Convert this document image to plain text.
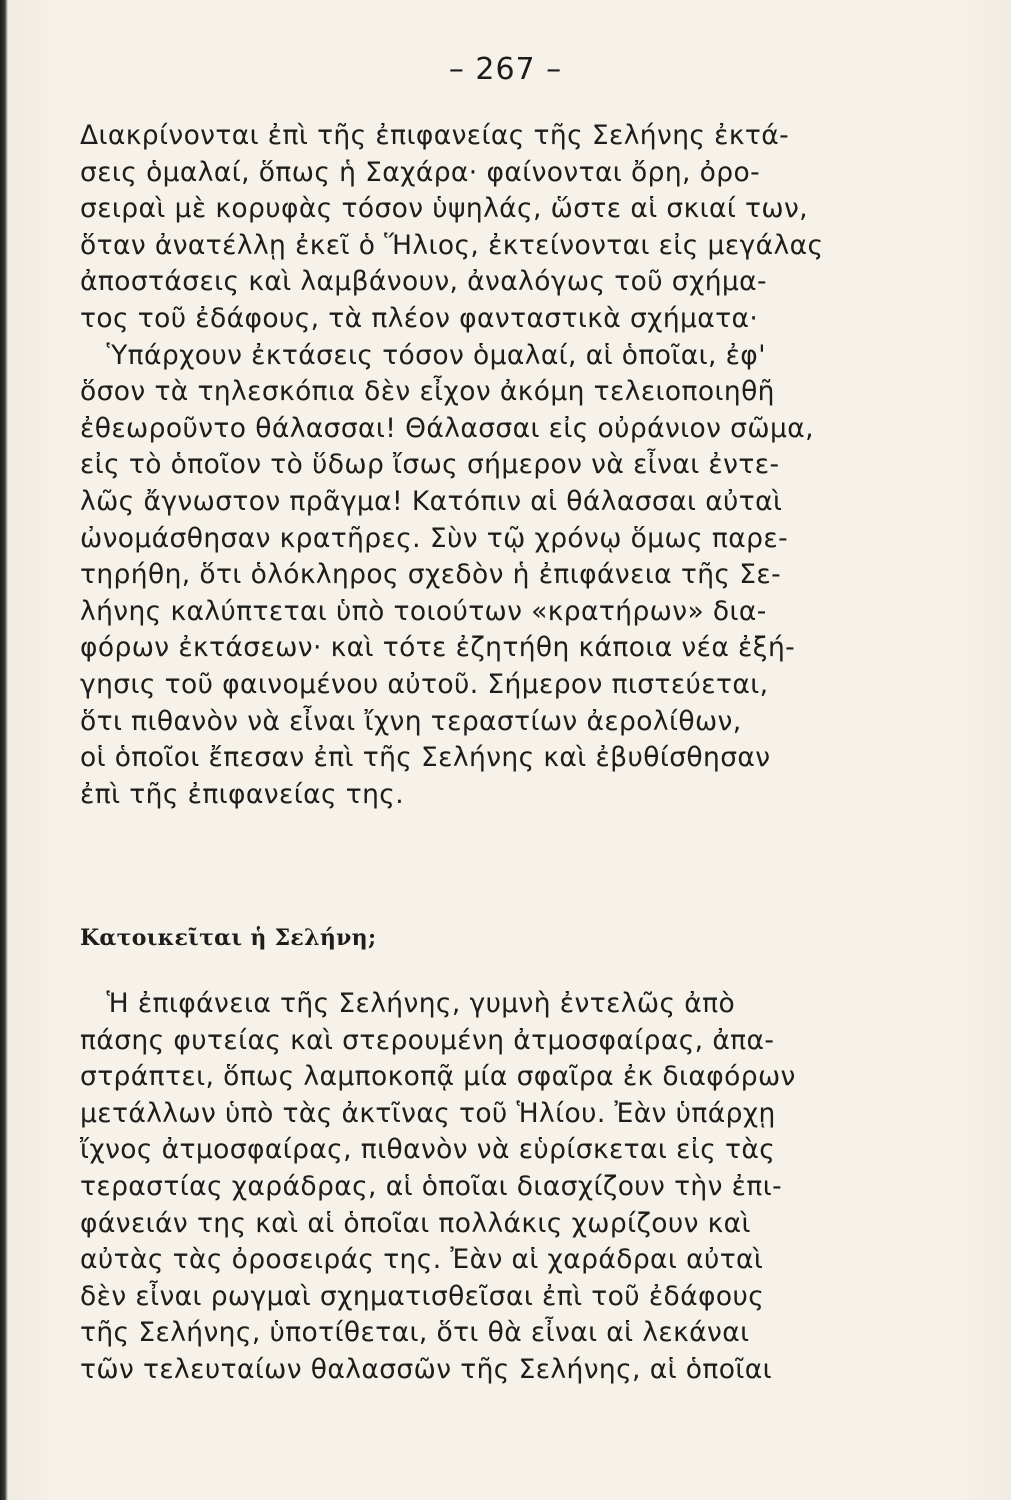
– 267 –
Διακρίνονται ἐπὶ τῆς ἐπιφανείας τῆς Σελήνης ἐκτά-
σεις ὁμαλαί, ὅπως ἡ Σαχάρα· φαίνονται ὄρη, ὀρο-
σειραὶ μὲ κορυφὰς τόσον ὑψηλάς, ὥστε αἱ σκιαί των,
ὅταν ἀνατέλλῃ ἐκεῖ ὁ Ἥλιος, ἐκτείνονται εἰς μεγάλας
ἀποστάσεις καὶ λαμβάνουν, ἀναλόγως τοῦ σχήμα-
τος τοῦ ἐδάφους, τὰ πλέον φανταστικὰ σχήματα·
Ὑπάρχουν ἐκτάσεις τόσον ὁμαλαί, αἱ ὁποῖαι, ἐφ'
ὅσον τὰ τηλεσκόπια δὲν εἶχον ἀκόμη τελειοποιηθῆ
ἐθεωροῦντο θάλασσαι! Θάλασσαι εἰς οὐράνιον σῶμα,
εἰς τὸ ὁποῖον τὸ ὕδωρ ἴσως σήμερον νὰ εἶναι ἐντε-
λῶς ἄγνωστον πρᾶγμα! Κατόπιν αἱ θάλασσαι αὐταὶ
ὠνομάσθησαν κρατῆρες. Σὺν τῷ χρόνῳ ὅμως παρε-
τηρήθη, ὅτι ὁλόκληρος σχεδὸν ἡ ἐπιφάνεια τῆς Σε-
λήνης καλύπτεται ὑπὸ τοιούτων «κρατήρων» δια-
φόρων ἐκτάσεων· καὶ τότε ἐζητήθη κάποια νέα ἐξή-
γησις τοῦ φαινομένου αὐτοῦ. Σήμερον πιστεύεται,
ὅτι πιθανὸν νὰ εἶναι ἴχνη τεραστίων ἀερολίθων,
οἱ ὁποῖοι ἔπεσαν ἐπὶ τῆς Σελήνης καὶ ἐβυθίσθησαν
ἐπὶ τῆς ἐπιφανείας της.
Κατοικεῖται ἡ Σελήνη;
Ἡ ἐπιφάνεια τῆς Σελήνης, γυμνὴ ἐντελῶς ἀπὸ
πάσης φυτείας καὶ στερουμένη ἀτμοσφαίρας, ἀπα-
στράπτει, ὅπως λαμποκοπᾷ μία σφαῖρα ἐκ διαφόρων
μετάλλων ὑπὸ τὰς ἀκτῖνας τοῦ Ἡλίου. Ἐὰν ὑπάρχῃ
ἴχνος ἀτμοσφαίρας, πιθανὸν νὰ εὑρίσκεται εἰς τὰς
τεραστίας χαράδρας, αἱ ὁποῖαι διασχίζουν τὴν ἐπι-
φάνειάν της καὶ αἱ ὁποῖαι πολλάκις χωρίζουν καὶ
αὐτὰς τὰς ὀροσειράς της. Ἐὰν αἱ χαράδραι αὐταὶ
δὲν εἶναι ρωγμαὶ σχηματισθεῖσαι ἐπὶ τοῦ ἐδάφους
τῆς Σελήνης, ὑποτίθεται, ὅτι θὰ εἶναι αἱ λεκάναι
τῶν τελευταίων θαλασσῶν τῆς Σελήνης, αἱ ὁποῖαι
